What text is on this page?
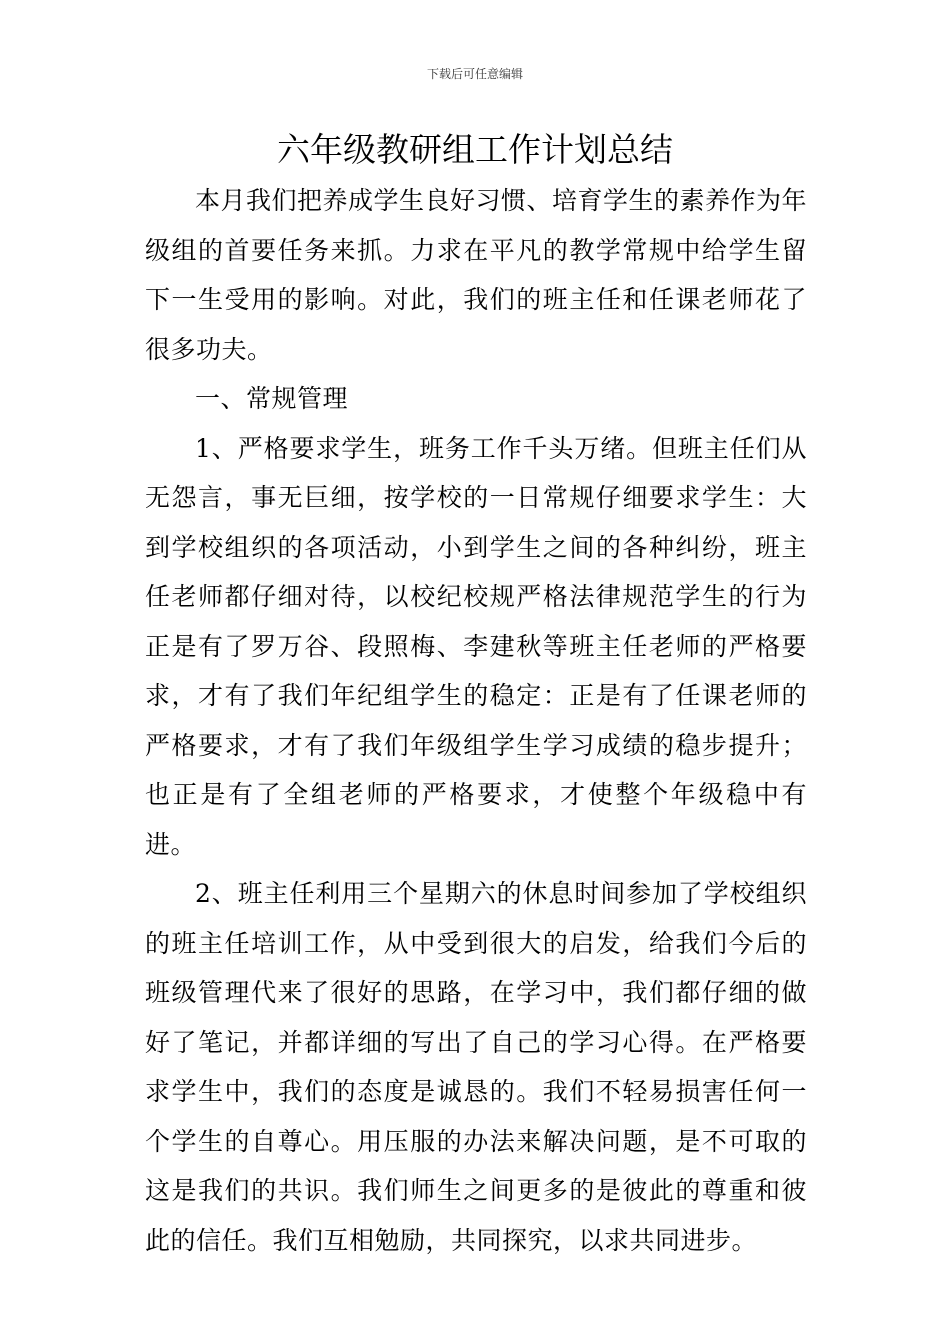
下载后可任意编辑
六年级教研组工作计划总结

本月我们把养成学生良好习惯、培育学生的素养作为年级组的首要任务来抓。力求在平凡的教学常规中给学生留下一生受用的影响。对此，我们的班主任和任课老师花了很多功夫。

一、常规管理

1、严格要求学生，班务工作千头万绪。但班主任们从无怨言，事无巨细，按学校的一日常规仔细要求学生：大到学校组织的各项活动，小到学生之间的各种纠纷，班主任老师都仔细对待，以校纪校规严格法律规范学生的行为正是有了罗万谷、段照梅、李建秋等班主任老师的严格要求，才有了我们年纪组学生的稳定：正是有了任课老师的严格要求，才有了我们年级组学生学习成绩的稳步提升；也正是有了全组老师的严格要求，才使整个年级稳中有进。

2、班主任利用三个星期六的休息时间参加了学校组织的班主任培训工作，从中受到很大的启发，给我们今后的班级管理代来了很好的思路，在学习中，我们都仔细的做好了笔记，并都详细的写出了自己的学习心得。在严格要求学生中，我们的态度是诚恳的。我们不轻易损害任何一个学生的自尊心。用压服的办法来解决问题，是不可取的这是我们的共识。我们师生之间更多的是彼此的尊重和彼此的信任。我们互相勉励，共同探究，以求共同进步。
